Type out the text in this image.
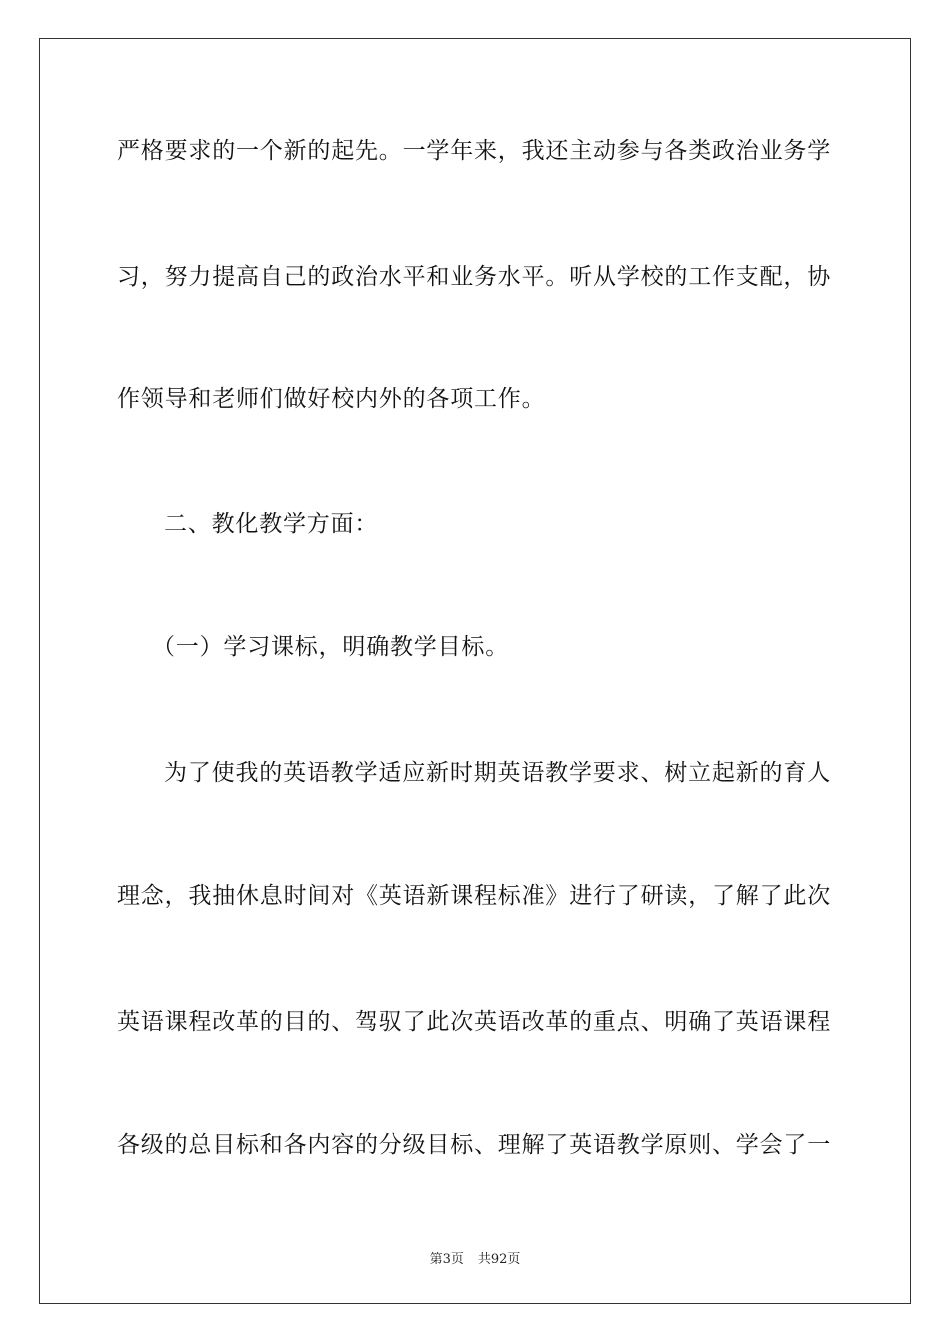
严格要求的一个新的起先。一学年来，我还主动参与各类政治业务学
习，努力提高自己的政治水平和业务水平。听从学校的工作支配，协
作领导和老师们做好校内外的各项工作。
二、教化教学方面：
（一）学习课标，明确教学目标。
为了使我的英语教学适应新时期英语教学要求、树立起新的育人
理念，我抽休息时间对《英语新课程标准》进行了研读，了解了此次
英语课程改革的目的、驾驭了此次英语改革的重点、明确了英语课程
各级的总目标和各内容的分级目标、理解了英语教学原则、学会了一
第3页 共92页
